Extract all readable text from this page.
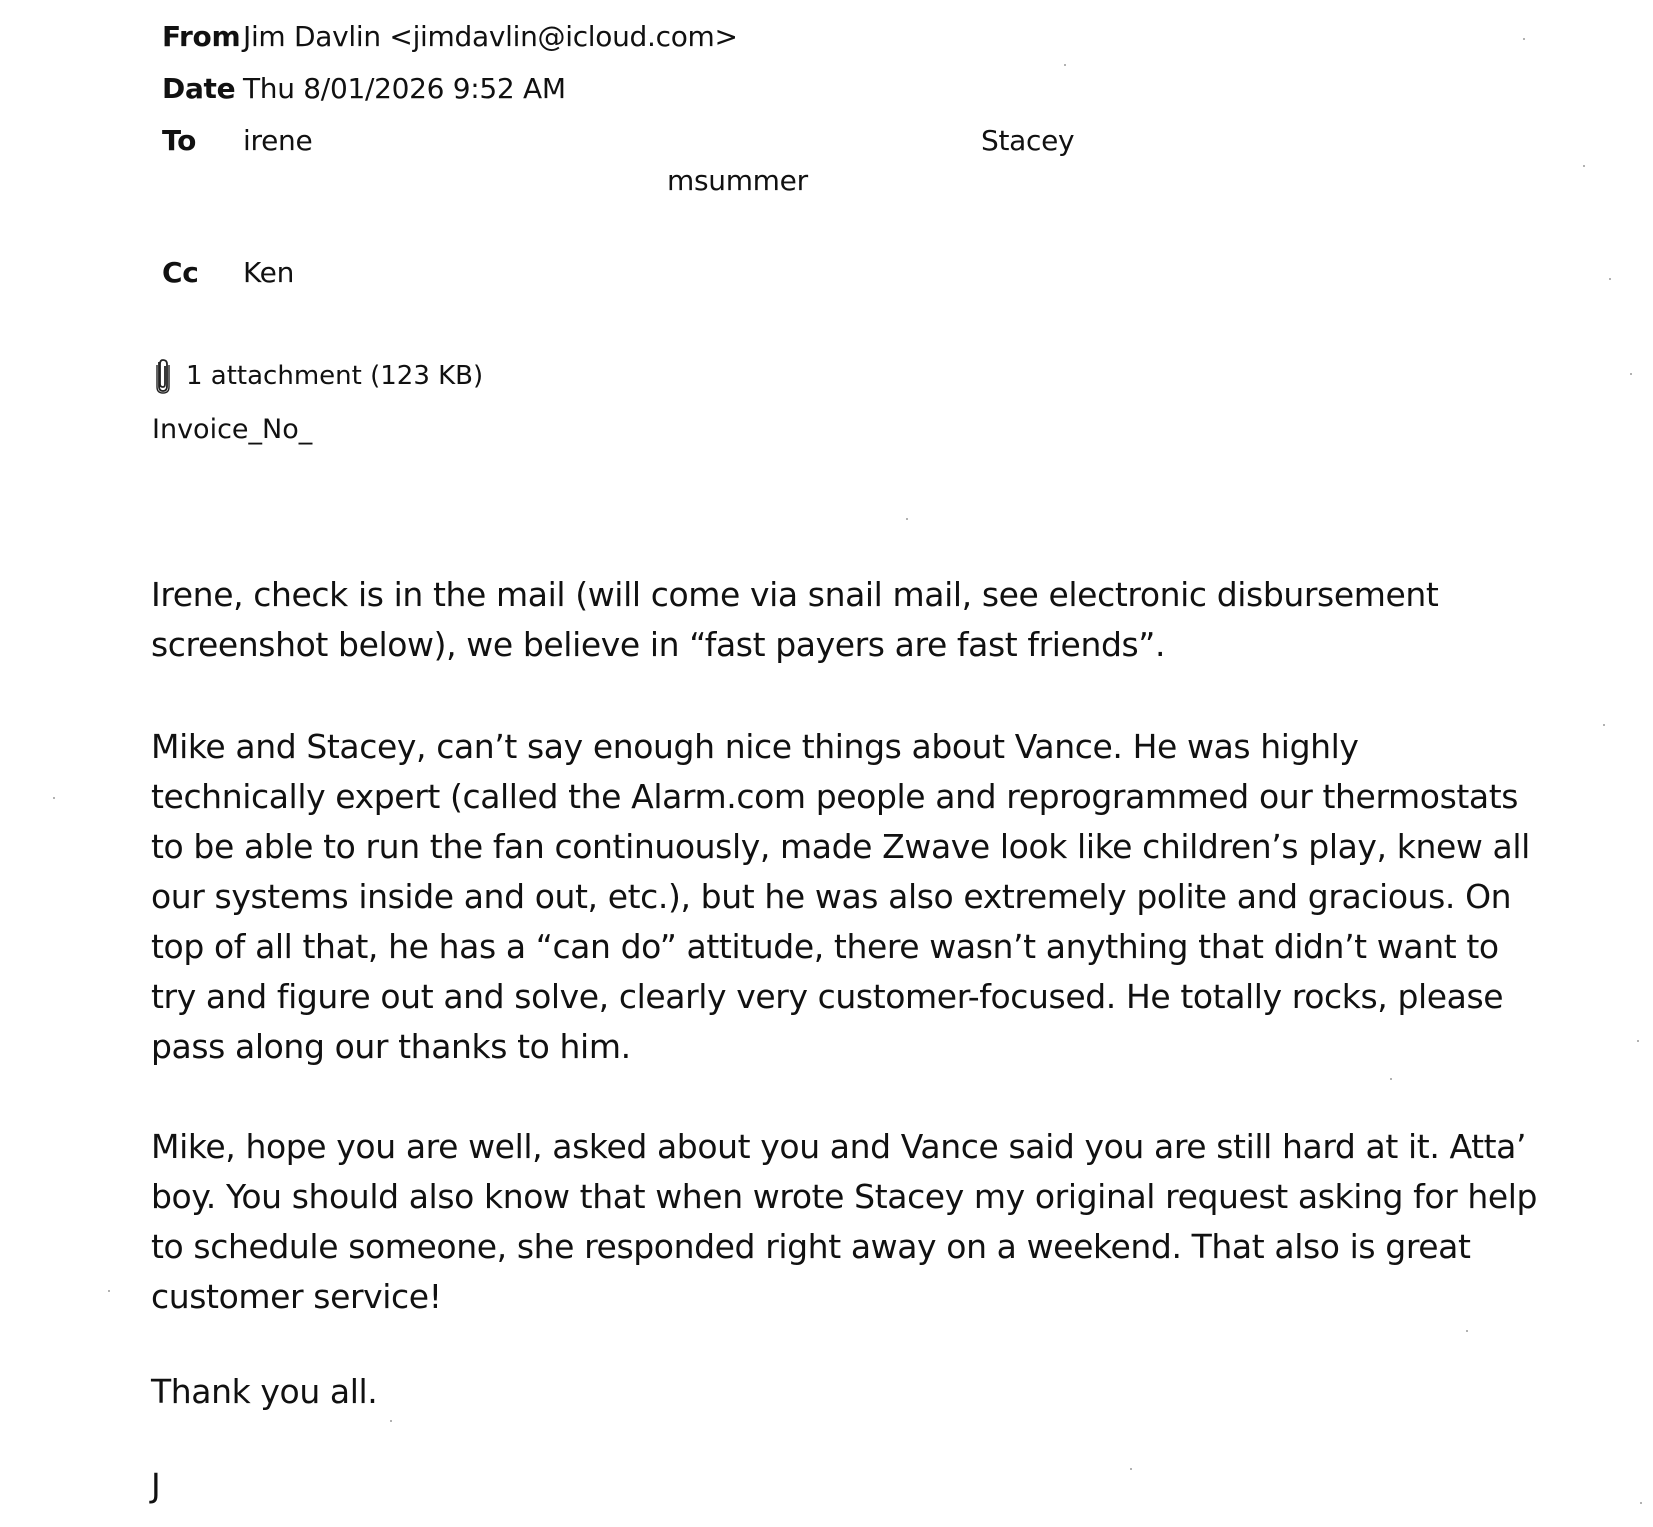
From Jim Davlin <jimdavlin@icloud.com>
Date Thu 8/01/2026 9:52 AM
To irene	Stacey
msummer
Cc Ken
1 attachment (123 KB)
Invoice_No_
Irene, check is in the mail (will come via snail mail, see electronic disbursement screenshot below), we believe in “fast payers are fast friends”.
Mike and Stacey, can’t say enough nice things about Vance. He was highly technically expert (called the Alarm.com people and reprogrammed our thermostats to be able to run the fan continuously, made Zwave look like children’s play, knew all our systems inside and out, etc.), but he was also extremely polite and gracious. On top of all that, he has a “can do” attitude, there wasn’t anything that didn’t want to try and figure out and solve, clearly very customer-focused. He totally rocks, please pass along our thanks to him.
Mike, hope you are well, asked about you and Vance said you are still hard at it. Atta’ boy. You should also know that when wrote Stacey my original request asking for help to schedule someone, she responded right away on a weekend. That also is great customer service!
Thank you all.
J
